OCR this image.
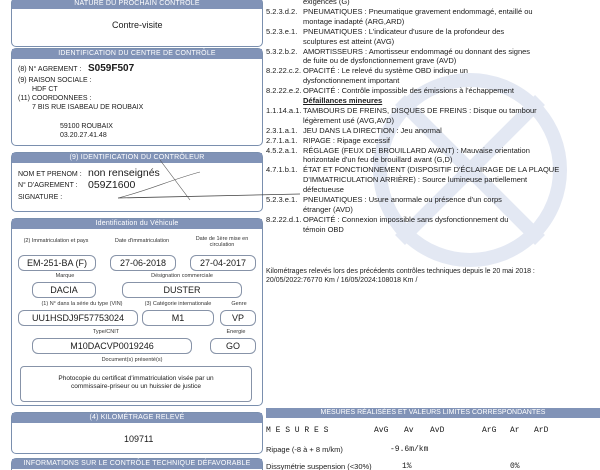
NATURE DU PROCHAIN CONTRÔLE
Contre-visite
IDENTIFICATION DU CENTRE DE CONTRÔLE
(8) N° AGREMENT : S059F507
(9) RAISON SOCIALE :
HDF CT
(11) COORDONNEES :
7 BIS RUE ISABEAU DE ROUBAIX
59100 ROUBAIX
03.20.27.41.48
(9) IDENTIFICATION DU CONTRÔLEUR
NOM ET PRENOM : non renseignés
N° D'AGREMENT : 059Z1600
SIGNATURE :
Identification du Véhicule
(2) Immatriculation et pays	Date d'immatriculation	Date de 1ère mise en circulation
EM-251-BA (F)	27-06-2018	27-04-2017
Marque	Désignation commerciale
DACIA	DUSTER
(1) N° dans la série du type (VIN)	(3) Catégorie internationale	Genre
UU1HSDJ9F57753024	M1	VP
Type/CNIT	Energie
M10DACVP0019246	GO
Document(s) présenté(s)
Photocopie du certificat d'immatriculation visée par un
commissaire-priseur ou un huissier de justice
(4) KILOMÉTRAGE RELEVÉ
109711
INFORMATIONS SUR LE CONTRÔLE TECHNIQUE DÉFAVORABLE
exigences (G)
5.2.3.d.2. PNEUMATIQUES : Pneumatique gravement endommagé, entaillé ou
montage inadapté (ARG,ARD)
5.2.3.e.1. PNEUMATIQUES : L'indicateur d'usure de la profondeur des
sculptures est atteint (AVG)
5.3.2.b.2. AMORTISSEURS : Amortisseur endommagé ou donnant des signes
de fuite ou de dysfonctionnement grave (AVD)
8.2.22.c.2. OPACITÉ : Le relevé du système OBD indique un
dysfonctionnement important
8.2.22.e.2. OPACITÉ : Contrôle impossible des émissions à l'échappement
Défaillances mineures
1.1.14.a.1. TAMBOURS DE FREINS, DISQUES DE FREINS : Disque ou tambour
légèrement usé (AVG,AVD)
2.3.1.a.1. JEU DANS LA DIRECTION : Jeu anormal
2.7.1.a.1. RIPAGE : Ripage excessif
4.5.2.a.1. RÉGLAGE (FEUX DE BROUILLARD AVANT) : Mauvaise orientation
horizontale d'un feu de brouillard avant (G,D)
4.7.1.b.1. ÉTAT ET FONCTIONNEMENT (DISPOSITIF D'ÉCLAIRAGE DE LA PLAQUE
D'IMMATRICULATION ARRIÈRE) : Source lumineuse partiellement
défectueuse
5.2.3.e.1. PNEUMATIQUES : Usure anormale ou présence d'un corps
étranger (AVD)
8.2.22.d.1. OPACITÉ : Connexion impossible sans dysfonctionnement du
témoin OBD
Kilométrages relevés lors des précédents contrôles techniques depuis le 20 mai 2018 :
20/05/2022:76770 Km / 16/05/2024:108018 Km /
MESURES RÉALISÉES ET VALEURS LIMITES CORRESPONDANTES
M E S U R E S	AvG Av AvD	ArG Ar ArD
Ripage (-8 à + 8 m/km)	-9.6m/km
Dissymétrie suspension (<30%)	1%	0%
